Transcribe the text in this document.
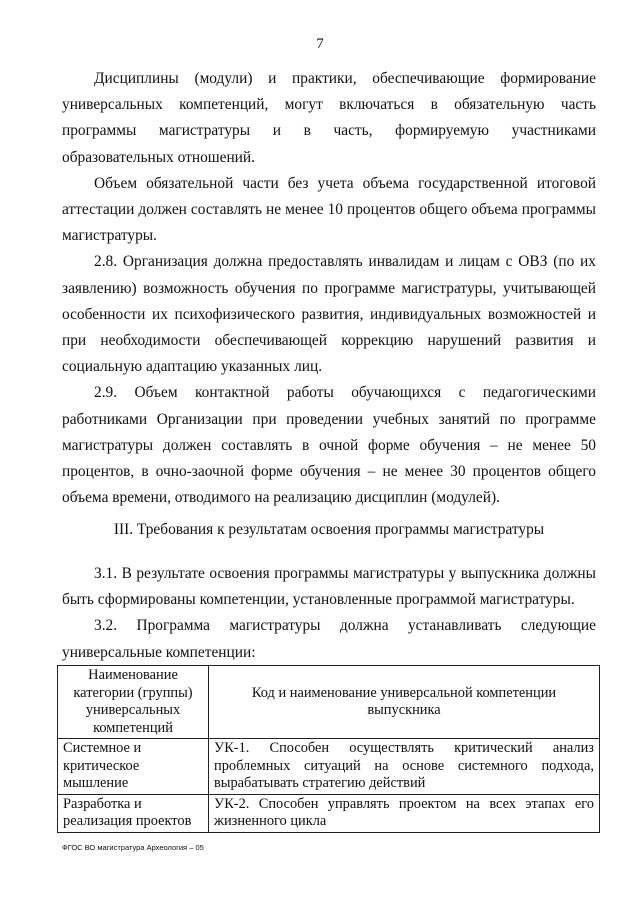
7

Дисциплины (модули) и практики, обеспечивающие формирование универсальных компетенций, могут включаться в обязательную часть программы магистратуры и в часть, формируемую участниками образовательных отношений.

Объем обязательной части без учета объема государственной итоговой аттестации должен составлять не менее 10 процентов общего объема программы магистратуры.

2.8. Организация должна предоставлять инвалидам и лицам с ОВЗ (по их заявлению) возможность обучения по программе магистратуры, учитывающей особенности их психофизического развития, индивидуальных возможностей и при необходимости обеспечивающей коррекцию нарушений развития и социальную адаптацию указанных лиц.

2.9. Объем контактной работы обучающихся с педагогическими работниками Организации при проведении учебных занятий по программе магистратуры должен составлять в очной форме обучения – не менее 50 процентов, в очно-заочной форме обучения – не менее 30 процентов общего объема времени, отводимого на реализацию дисциплин (модулей).

III. Требования к результатам освоения программы магистратуры

3.1. В результате освоения программы магистратуры у выпускника должны быть сформированы компетенции, установленные программой магистратуры.

3.2. Программа магистратуры должна устанавливать следующие универсальные компетенции:

Наименование категории (группы) универсальных компетенций	Код и наименование универсальной компетенции выпускника
Системное и критическое мышление	УК-1. Способен осуществлять критический анализ проблемных ситуаций на основе системного подхода, вырабатывать стратегию действий
Разработка и реализация проектов	УК-2. Способен управлять проектом на всех этапах его жизненного цикла
ФГОС ВО магистратура Археология – 05
